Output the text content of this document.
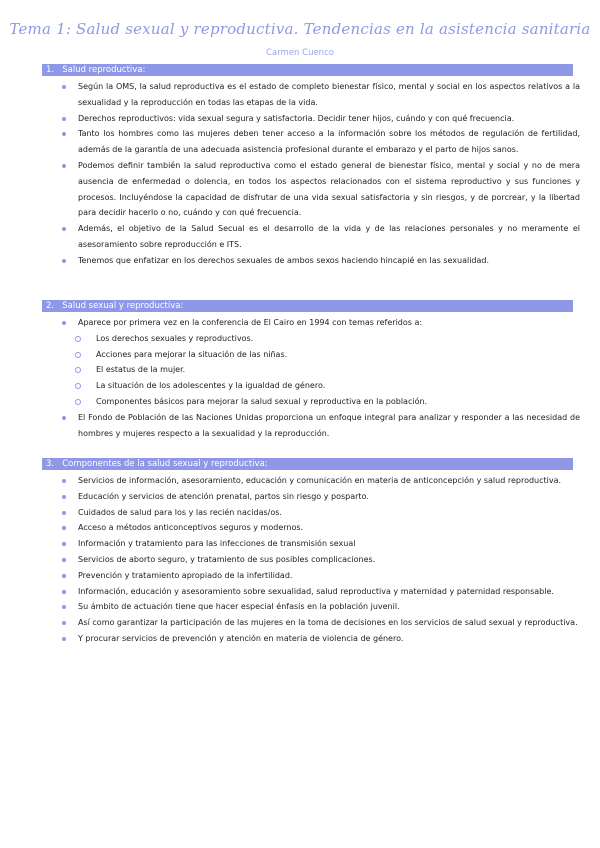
Tema 1: Salud sexual y reproductiva. Tendencias en la asistencia sanitaria
Carmen Cuenco
1. Salud reproductiva:
Según la OMS, la salud reproductiva es el estado de completo bienestar físico, mental y social en los aspectos relativos a la sexualidad y la reproducción en todas las etapas de la vida.
Derechos reproductivos: vida sexual segura y satisfactoria. Decidir tener hijos, cuándo y con qué frecuencia.
Tanto los hombres como las mujeres deben tener acceso a la información sobre los métodos de regulación de fertilidad, además de la garantía de una adecuada asistencia profesional durante el embarazo y el parto de hijos sanos.
Podemos definir también la salud reproductiva como el estado general de bienestar físico, mental y social y no de mera ausencia de enfermedad o dolencia, en todos los aspectos relacionados con el sistema reproductivo y sus funciones y procesos. Incluyéndose la capacidad de disfrutar de una vida sexual satisfactoria y sin riesgos, y de porcrear, y la libertad para decidir hacerlo o no, cuándo y con qué frecuencia.
Además, el objetivo de la Salud Secual es el desarrollo de la vida y de las relaciones personales y no meramente el asesoramiento sobre reproducción e ITS.
Tenemos que enfatizar en los derechos sexuales de ambos sexos haciendo hincapié en las sexualidad.
2. Salud sexual y reproductiva:
Aparece por primera vez en la conferencia de El Cairo en 1994 con temas referidos a:
Los derechos sexuales y reproductivos.
Acciones para mejorar la situación de las niñas.
El estatus de la mujer.
La situación de los adolescentes y la igualdad de género.
Componentes básicos para mejorar la salud sexual y reproductiva en la población.
El Fondo de Población de las Naciones Unidas proporciona un enfoque integral para analizar y responder a las necesidad de hombres y mujeres respecto a la sexualidad y la reproducción.
3. Componentes de la salud sexual y reproductiva:
Servicios de información, asesoramiento, educación y comunicación en materia de anticoncepción y salud reproductiva.
Educación y servicios de atención prenatal, partos sin riesgo y posparto.
Cuidados de salud para los y las recién nacidas/os.
Acceso a métodos anticonceptivos seguros y modernos.
Información y tratamiento para las infecciones de transmisión sexual
Servicios de aborto seguro, y tratamiento de sus posibles complicaciones.
Prevención y tratamiento apropiado de la infertilidad.
Información, educación y asesoramiento sobre sexualidad, salud reproductiva y maternidad y paternidad responsable.
Su ámbito de actuación tiene que hacer especial énfasis en la población juvenil.
Así como garantizar la participación de las mujeres en la toma de decisiones en los servicios de salud sexual y reproductiva.
Y procurar servicios de prevención y atención en materia de violencia de género.
